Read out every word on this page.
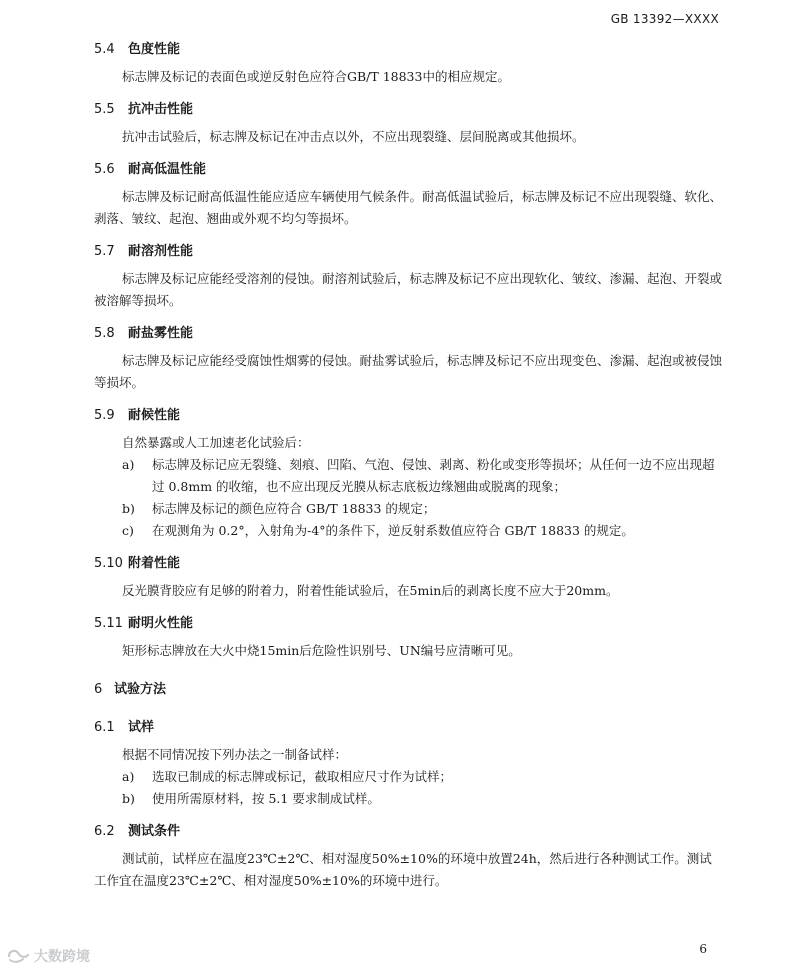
GB 13392—XXXX
5.4 色度性能

标志牌及标记的表面色或逆反射色应符合GB/T 18833中的相应规定。

5.5 抗冲击性能

抗冲击试验后，标志牌及标记在冲击点以外，不应出现裂缝、层间脱离或其他损坏。

5.6 耐高低温性能

标志牌及标记耐高低温性能应适应车辆使用气候条件。耐高低温试验后，标志牌及标记不应出现裂缝、软化、剥落、皱纹、起泡、翘曲或外观不均匀等损坏。

5.7 耐溶剂性能

标志牌及标记应能经受溶剂的侵蚀。耐溶剂试验后，标志牌及标记不应出现软化、皱纹、渗漏、起泡、开裂或被溶解等损坏。

5.8 耐盐雾性能

标志牌及标记应能经受腐蚀性烟雾的侵蚀。耐盐雾试验后，标志牌及标记不应出现变色、渗漏、起泡或被侵蚀等损坏。

5.9 耐候性能

自然暴露或人工加速老化试验后：

a) 标志牌及标记应无裂缝、刻痕、凹陷、气泡、侵蚀、剥离、粉化或变形等损坏；从任何一边不应出现超过 0.8mm 的收缩，也不应出现反光膜从标志底板边缘翘曲或脱离的现象；

b) 标志牌及标记的颜色应符合 GB/T 18833 的规定；

c) 在观测角为 0.2°，入射角为-4°的条件下，逆反射系数值应符合 GB/T 18833 的规定。

5.10 附着性能

反光膜背胶应有足够的附着力，附着性能试验后，在5min后的剥离长度不应大于20mm。

5.11 耐明火性能

矩形标志牌放在大火中烧15min后危险性识别号、UN编号应清晰可见。

6 试验方法
6.1 试样

根据不同情况按下列办法之一制备试样：

a) 选取已制成的标志牌或标记，截取相应尺寸作为试样；

b) 使用所需原材料，按 5.1 要求制成试样。

6.2 测试条件

测试前，试样应在温度23℃±2℃、相对湿度50%±10%的环境中放置24h，然后进行各种测试工作。测试工作宜在温度23℃±2℃、相对湿度50%±10%的环境中进行。

6
大数跨境
